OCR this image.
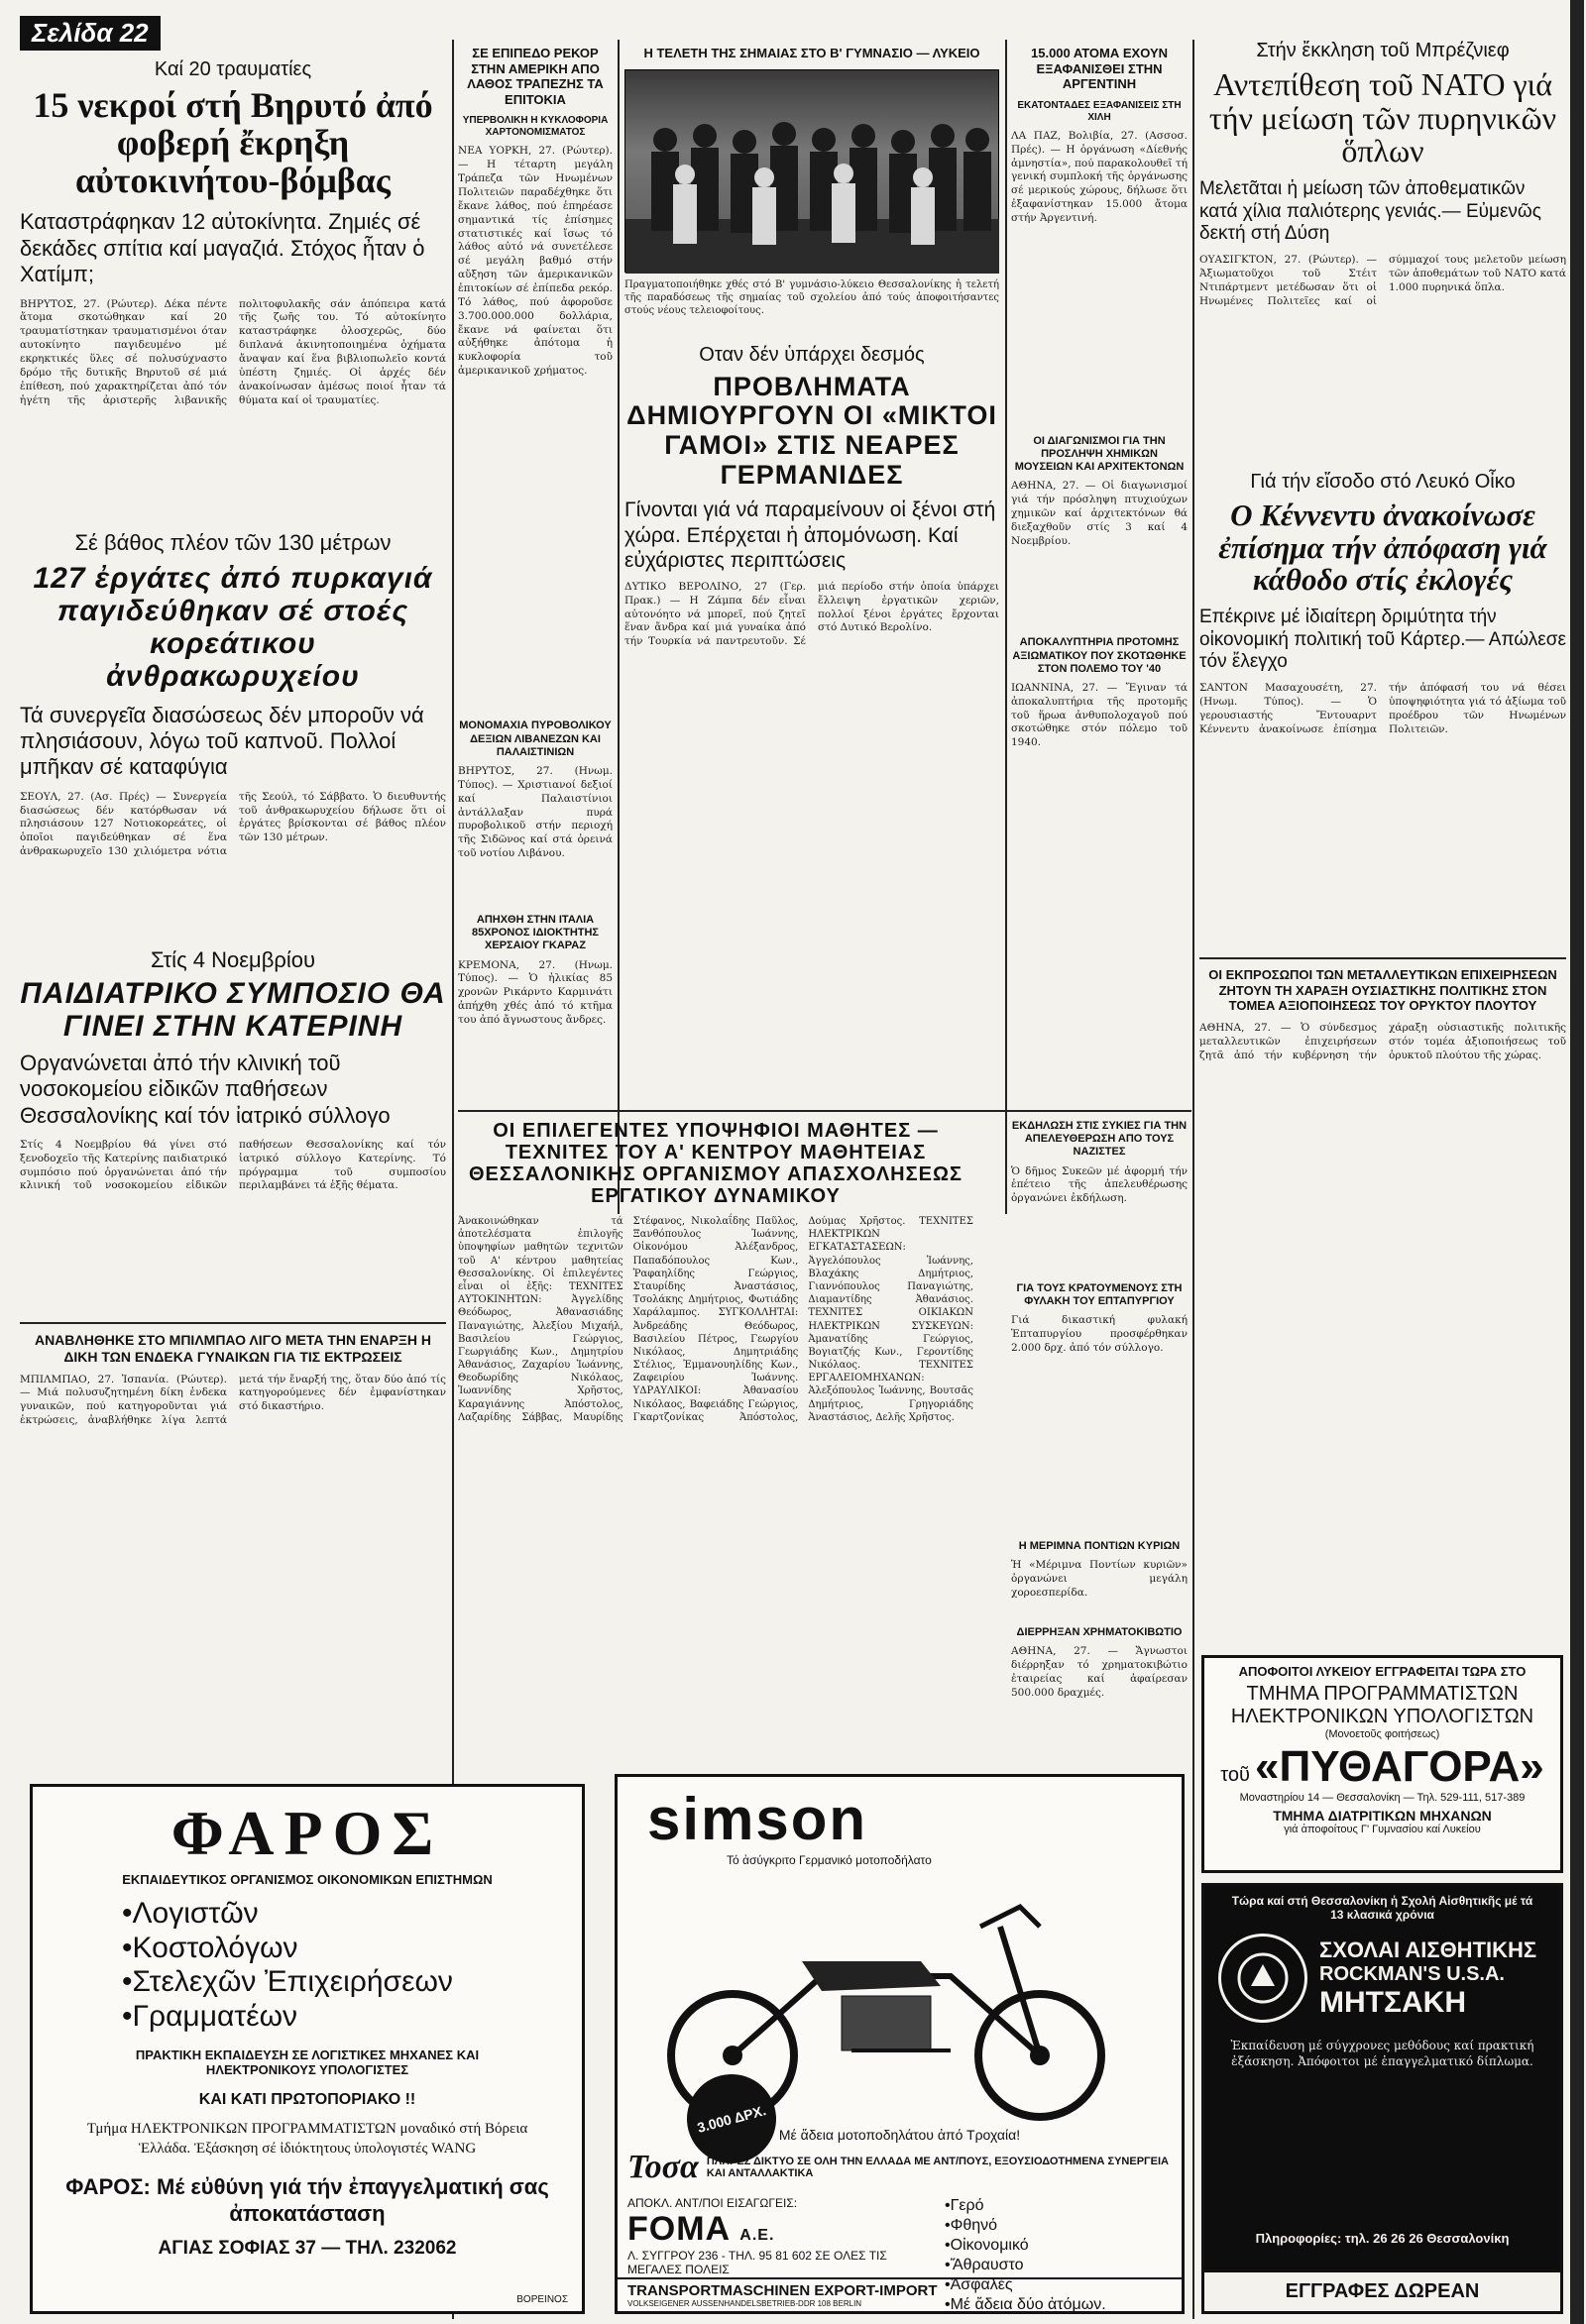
Σελίδα 22
Καί 20 τραυματίες
15 νεκροί στή Βηρυτό ἀπό φοβερή ἔκρηξη αὐτοκινήτου-βόμβας
Καταστράφηκαν 12 αὐτοκίνητα. Ζημιές σέ δεκάδες σπίτια καί μαγαζιά. Στόχος ἦταν ὁ Χατίμπ;
ΒΗΡΥΤΟΣ, 27. (Ρώυτερ). Δέκα πέντε ἄτομα σκοτώθηκαν καί 20 τραυματίστηκαν τραυματισμένοι όταν αυτοκίνητο παγιδευμένο μέ εκρηκτικές ὕλες σέ πολυσύχναστο δρόμο τῆς δυτικῆς Βηρυτοῦ σέ μιά ἐπίθεση, πού χαρακτηρίζεται ἀπό τόν ἡγέτη τῆς ἀριστερῆς λιβανικῆς πολιτοφυλακῆς σάν ἀπόπειρα κατά τῆς ζωῆς του. Τό αὐτοκίνητο καταστράφηκε ὁλοσχερῶς, δύο διπλανά ἀκινητοποιημένα ὀχήματα ἄναψαν καί ἕνα βιβλιοπωλεῖο κοντά ὑπέστη ζημιές. Οἱ ἀρχές δέν ἀνακοίνωσαν ἀμέσως ποιοί ἦταν τά θύματα καί οἱ τραυματίες.
Σέ βάθος πλέον τῶν 130 μέτρων
127 ἐργάτες ἀπό πυρκαγιά παγιδεύθηκαν σέ στοές κορεάτικου ἀνθρακωρυχείου
Τά συνεργεῖα διασώσεως δέν μποροῦν νά πλησιάσουν, λόγω τοῦ καπνοῦ. Πολλοί μπῆκαν σέ καταφύγια
ΣΕΟΥΛ, 27. (Ασ. Πρές) — Συνεργεία διασώσεως δέν κατόρθωσαν νά πλησιάσουν 127 Νοτιοκορεάτες, οἱ ὁποῖοι παγιδεύθηκαν σέ ἕνα ἀνθρακωρυχεῖο 130 χιλιόμετρα νότια τῆς Σεούλ, τό Σάββατο. Ὁ διευθυντής τοῦ ἀνθρακωρυχείου δήλωσε ὅτι οἱ ἐργάτες βρίσκονται σέ βάθος πλέον τῶν 130 μέτρων.
Στίς 4 Νοεμβρίου
ΠΑΙΔΙΑΤΡΙΚΟ ΣΥΜΠΟΣΙΟ ΘΑ ΓΙΝΕΙ ΣΤΗΝ ΚΑΤΕΡΙΝΗ
Οργανώνεται ἀπό τήν κλινική τοῦ νοσοκομείου εἰδικῶν παθήσεων Θεσσαλονίκης καί τόν ἰατρικό σύλλογο
Στίς 4 Νοεμβρίου θά γίνει στό ξενοδοχεῖο τῆς Κατερίνης παιδιατρικό συμπόσιο πού ὀργανώνεται ἀπό τήν κλινική τοῦ νοσοκομείου εἰδικῶν παθήσεων Θεσσαλονίκης καί τόν ἰατρικό σύλλογο Κατερίνης. Τό πρόγραμμα τοῦ συμποσίου περιλαμβάνει τά ἑξῆς θέματα.
ΑΝΑΒΛΗΘΗΚΕ ΣΤΟ ΜΠΙΛΜΠΑΟ ΛΙΓΟ ΜΕΤΑ ΤΗΝ ΕΝΑΡΞΗ Η ΔΙΚΗ ΤΩΝ ΕΝΔΕΚΑ ΓΥΝΑΙΚΩΝ ΓΙΑ ΤΙΣ ΕΚΤΡΩΣΕΙΣ
ΜΠΙΛΜΠΑΟ, 27. Ἰσπανία. (Ρώυτερ). — Μιά πολυσυζητημένη δίκη ἐνδεκα γυναικῶν, πού κατηγοροῦνται γιά ἐκτρώσεις, ἀναβλήθηκε λίγα λεπτά μετά τήν ἔναρξή της, ὅταν δύο ἀπό τίς κατηγορούμενες δέν ἐμφανίστηκαν στό δικαστήριο.
ΦΑΡΟΣ
ΕΚΠΑΙΔΕΥΤΙΚΟΣ ΟΡΓΑΝΙΣΜΟΣ ΟΙΚΟΝΟΜΙΚΩΝ ΕΠΙΣΤΗΜΩΝ
•Λογιστῶν
•Κοστολόγων
•Στελεχῶν Ἐπιχειρήσεων
•Γραμματέων
ΠΡΑΚΤΙΚΗ ΕΚΠΑΙΔΕΥΣΗ ΣΕ ΛΟΓΙΣΤΙΚΕΣ ΜΗΧΑΝΕΣ ΚΑΙ ΗΛΕΚΤΡΟΝΙΚΟΥΣ ΥΠΟΛΟΓΙΣΤΕΣ
ΚΑΙ ΚΑΤΙ ΠΡΩΤΟΠΟΡΙΑΚΟ !!
Τμήμα ΗΛΕΚΤΡΟΝΙΚΩΝ ΠΡΟΓΡΑΜΜΑΤΙΣΤΩΝ μοναδικό στή Βόρεια Ἑλλάδα. Ἐξάσκηση σέ ἰδιόκτητους ὑπολογιστές WANG
ΦΑΡΟΣ: Μέ εὐθύνη γιά τήν ἐπαγγελματική σας ἀποκατάσταση
ΑΓΙΑΣ ΣΟΦΙΑΣ 37 — ΤΗΛ. 232062
ΒΟΡΕΙΝΟΣ
ΣΕ ΕΠΙΠΕΔΟ ΡΕΚΟΡ ΣΤΗΝ ΑΜΕΡΙΚΗ ΑΠΟ ΛΑΘΟΣ ΤΡΑΠΕΖΗΣ ΤΑ ΕΠΙΤΟΚΙΑ
ΥΠΕΡΒΟΛΙΚΗ Η ΚΥΚΛΟΦΟΡΙΑ ΧΑΡΤΟΝΟΜΙΣΜΑΤΟΣ
ΝΕΑ ΥΟΡΚΗ, 27. (Ρώυτερ). — Η τέταρτη μεγάλη Τράπεζα τῶν Ηνωμένων Πολιτειῶν παραδέχθηκε ὅτι ἔκανε λάθος, πού ἐπηρέασε σημαντικά τίς ἐπίσημες στατιστικές καί ἴσως τό λάθος αὐτό νά συνετέλεσε σέ μεγάλη βαθμό στήν αὔξηση τῶν ἀμερικανικῶν ἐπιτοκίων σέ ἐπίπεδα ρεκόρ. Τό λάθος, πού ἀφοροῦσε 3.700.000.000 δολλάρια, ἔκανε νά φαίνεται ὅτι αὐξήθηκε ἀπότομα ἡ κυκλοφορία τοῦ ἀμερικανικοῦ χρήματος.
ΜΟΝΟΜΑΧΙΑ ΠΥΡΟΒΟΛΙΚΟΥ ΔΕΞΙΩΝ ΛΙΒΑΝΕΖΩΝ ΚΑΙ ΠΑΛΑΙΣΤΙΝΙΩΝ
ΒΗΡΥΤΟΣ, 27. (Ηνωμ. Τύπος). — Χριστιανοί δεξιοί καί Παλαιστίνιοι ἀντάλλαξαν πυρά πυροβολικοῦ στήν περιοχή τῆς Σιδῶνος καί στά ὀρεινά τοῦ νοτίου Λιβάνου.
ΑΠΗΧΘΗ ΣΤΗΝ ΙΤΑΛΙΑ 85ΧΡΟΝΟΣ ΙΔΙΟΚΤΗΤΗΣ ΧΕΡΣΑΙΟΥ ΓΚΑΡΑΖ
ΚΡΕΜΟΝΑ, 27. (Ηνωμ. Τύπος). — Ὁ ἠλικίας 85 χρονῶν Ρικάρντο Καρμινάτι ἀπήχθη χθές ἀπό τό κτῆμα του ἀπό ἄγνωστους ἄνδρες.
Η ΤΕΛΕΤΗ ΤΗΣ ΣΗΜΑΙΑΣ ΣΤΟ Β' ΓΥΜΝΑΣΙΟ — ΛΥΚΕΙΟ
Πραγματοποιήθηκε χθές στό Β' γυμνάσιο-λύκειο Θεσσαλονίκης ἡ τελετή τῆς παραδόσεως τῆς σημαίας τοῦ σχολείου ἀπό τούς ἀποφοιτήσαντες στούς νέους τελειοφοίτους.
Οταν δέν ὑπάρχει δεσμός
ΠΡΟΒΛΗΜΑΤΑ ΔΗΜΙΟΥΡΓΟΥΝ ΟΙ «ΜΙΚΤΟΙ ΓΑΜΟΙ» ΣΤΙΣ ΝΕΑΡΕΣ ΓΕΡΜΑΝΙΔΕΣ
Γίνονται γιά νά παραμείνουν οἱ ξένοι στή χώρα. Επέρχεται ἡ ἀπομόνωση. Καί εὐχάριστες περιπτώσεις
ΔΥΤΙΚΟ ΒΕΡΟΛΙΝΟ, 27 (Γερ. Πρακ.) — Η Ζάμπα δέν εἶναι αὐτονόητο νά μπορεῖ, πού ζητεῖ ἕναν ἄνδρα καί μιά γυναίκα ἀπό τήν Τουρκία νά παντρευτοῦν. Σέ μιά περίοδο στήν ὁποία ὑπάρχει ἔλλειψη ἐργατικῶν χεριῶν, πολλοί ξένοι ἐργάτες ἔρχονται στό Δυτικό Βερολίνο.
15.000 ΑΤΟΜΑ ΕΧΟΥΝ ΕΞΑΦΑΝΙΣΘΕΙ ΣΤΗΝ ΑΡΓΕΝΤΙΝΗ
ΕΚΑΤΟΝΤΑΔΕΣ ΕΞΑΦΑΝΙΣΕΙΣ ΣΤΗ ΧΙΛΗ
ΛΑ ΠΑΖ, Βολιβία, 27. (Ασσοσ. Πρές). — Η ὀργάνωση «Δίεθνής ἀμνηστία», πού παρακολουθεῖ τή γενική συμπλοκή τῆς ὀργάνωσης σέ μερικούς χώρους, δήλωσε ὅτι ἐξαφανίστηκαν 15.000 ἄτομα στήν Ἀργεντινή.
ΟΙ ΔΙΑΓΩΝΙΣΜΟΙ ΓΙΑ ΤΗΝ ΠΡΟΣΛΗΨΗ ΧΗΜΙΚΩΝ ΜΟΥΣΕΙΩΝ ΚΑΙ ΑΡΧΙΤΕΚΤΟΝΩΝ
ΑΘΗΝΑ, 27. — Οἱ διαγωνισμοί γιά τήν πρόσληψη πτυχιούχων χημικῶν καί ἀρχιτεκτόνων θά διεξαχθοῦν στίς 3 καί 4 Νοεμβρίου.
ΑΠΟΚΑΛΥΠΤΗΡΙΑ ΠΡΟΤΟΜΗΣ ΑΞΙΩΜΑΤΙΚΟΥ ΠΟΥ ΣΚΟΤΩΘΗΚΕ ΣΤΟΝ ΠΟΛΕΜΟ ΤΟΥ '40
ΙΩΑΝΝΙΝΑ, 27. — Ἔγιναν τά ἀποκαλυπτήρια τῆς προτομῆς τοῦ ἥρωα ἀνθυπολοχαγοῦ πού σκοτώθηκε στόν πόλεμο τοῦ 1940.
ΟΙ ΕΠΙΛΕΓΕΝΤΕΣ ΥΠΟΨΗΦΙΟΙ ΜΑΘΗΤΕΣ — ΤΕΧΝΙΤΕΣ ΤΟΥ Α' ΚΕΝΤΡΟΥ ΜΑΘΗΤΕΙΑΣ ΘΕΣΣΑΛΟΝΙΚΗΣ ΟΡΓΑΝΙΣΜΟΥ ΑΠΑΣΧΟΛΗΣΕΩΣ ΕΡΓΑΤΙΚΟΥ ΔΥΝΑΜΙΚΟΥ
Ἀνακοινώθηκαν τά ἀποτελέσματα ἐπιλογῆς ὑποψηφίων μαθητῶν τεχνιτῶν τοῦ Α' κέντρου μαθητείας Θεσσαλονίκης. Οἱ ἐπιλεγέντες εἶναι οἱ ἑξῆς: ΤΕΧΝΙΤΕΣ ΑΥΤΟΚΙΝΗΤΩΝ: Ἀγγελίδης Θεόδωρος, Ἀθανασιάδης Παναγιώτης, Ἀλεξίου Μιχαήλ, Βασιλείου Γεώργιος, Γεωργιάδης Κων., Δημητρίου Ἀθανάσιος, Ζαχαρίου Ἰωάννης, Θεοδωρίδης Νικόλαος, Ἰωαννίδης Χρῆστος, Καραγιάννης Ἀπόστολος, Λαζαρίδης Σάββας, Μαυρίδης Στέφανος, Νικολαΐδης Παῦλος, Ξανθόπουλος Ἰωάννης, Οἰκονόμου Ἀλέξανδρος, Παπαδόπουλος Κων., Ῥαφαηλίδης Γεώργιος, Σταυρίδης Ἀναστάσιος, Τσολάκης Δημήτριος, Φωτιάδης Χαράλαμπος. ΣΥΓΚΟΛΛΗΤΑΙ: Ἀνδρεάδης Θεόδωρος, Βασιλείου Πέτρος, Γεωργίου Νικόλαος, Δημητριάδης Στέλιος, Ἐμμανουηλίδης Κων., Ζαφειρίου Ἰωάννης. ΥΔΡΑΥΛΙΚΟΙ: Ἀθανασίου Νικόλαος, Βαφειάδης Γεώργιος, Γκαρτζονίκας Ἀπόστολος, Δούμας Χρῆστος. ΤΕΧΝΙΤΕΣ ΗΛΕΚΤΡΙΚΩΝ ΕΓΚΑΤΑΣΤΑΣΕΩΝ: Ἀγγελόπουλος Ἰωάννης, Βλαχάκης Δημήτριος, Γιαννόπουλος Παναγιώτης, Διαμαντίδης Ἀθανάσιος. ΤΕΧΝΙΤΕΣ ΟΙΚΙΑΚΩΝ ΗΛΕΚΤΡΙΚΩΝ ΣΥΣΚΕΥΩΝ: Ἀμανατίδης Γεώργιος, Βογιατζής Κων., Γεροντίδης Νικόλαος. ΤΕΧΝΙΤΕΣ ΕΡΓΑΛΕΙΟΜΗΧΑΝΩΝ: Ἀλεξόπουλος Ἰωάννης, Βουτσᾶς Δημήτριος, Γρηγοριάδης Ἀναστάσιος, Δελῆς Χρῆστος.
ΕΚΔΗΛΩΣΗ ΣΤΙΣ ΣΥΚΙΕΣ ΓΙΑ ΤΗΝ ΑΠΕΛΕΥΘΕΡΩΣΗ ΑΠΟ ΤΟΥΣ ΝΑΖΙΣΤΕΣ
Ὁ δῆμος Συκεῶν μέ ἀφορμή τήν ἐπέτειο τῆς ἀπελευθέρωσης ὀργανώνει ἐκδήλωση.
ΓΙΑ ΤΟΥΣ ΚΡΑΤΟΥΜΕΝΟΥΣ ΣΤΗ ΦΥΛΑΚΗ ΤΟΥ ΕΠΤΑΠΥΡΓΙΟΥ
Γιά δικαστική φυλακή Ἑπταπυργίου προσφέρθηκαν 2.000 δρχ. ἀπό τόν σύλλογο.
Η ΜΕΡΙΜΝΑ ΠΟΝΤΙΩΝ ΚΥΡΙΩΝ
Ἡ «Μέριμνα Ποντίων κυριῶν» ὀργανώνει μεγάλη χοροεσπερίδα.
ΔΙΕΡΡΗΞΑΝ ΧΡΗΜΑΤΟΚΙΒΩΤΙΟ
ΑΘΗΝΑ, 27. — Ἄγνωστοι διέρρηξαν τό χρηματοκιβώτιο ἐταιρείας καί ἀφαίρεσαν 500.000 δραχμές.
simson
Τό ἀσύγκριτο Γερμανικό μοτοποδήλατο
3.000 ΔΡΧ. Μέ ἄδεια μοτοποδηλάτου ἀπό Τροχαία!
Τοσα ΠΛΗΡΕΣ ΔΙΚΤΥΟ ΣΕ ΟΛΗ ΤΗΝ ΕΛΛΑΔΑ ΜΕ ΑΝΤ/ΠΟΥΣ, ΕΞΟΥΣΙΟΔΟΤΗΜΕΝΑ ΣΥΝΕΡΓΕΙΑ ΚΑΙ ΑΝΤΑΛΛΑΚΤΙΚΑ
ΑΠΟΚΛ. ΑΝΤ/ΠΟΙ ΕΙΣΑΓΩΓΕΙΣ:
FOMA Α.Ε.
Λ. ΣΥΓΓΡΟΥ 236 - ΤΗΛ. 95 81 602 ΣΕ ΟΛΕΣ ΤΙΣ ΜΕΓΑΛΕΣ ΠΟΛΕΙΣ
•Γερό
•Φθηνό
•Οἰκονομικό
•Ἄθραυστο
•Ἀσφαλές
•Μέ ἄδεια δύο ἀτόμων.
TRANSPORTMASCHINEN EXPORT-IMPORT
VOLKSEIGENER AUSSENHANDELSBETRIEB-DDR 108 BERLIN
Στήν ἔκκληση τοῦ Μπρέζνιεφ
Αντεπίθεση τοῦ ΝΑΤΟ γιά τήν μείωση τῶν πυρηνικῶν ὅπλων
Μελετᾶται ἡ μείωση τῶν ἀποθεματικῶν κατά χίλια παλιότερης γενιάς.— Εὐμενῶς δεκτή στή Δύση
ΟΥΑΣΙΓΚΤΟΝ, 27. (Ρώυτερ). — Ἀξιωματοῦχοι τοῦ Στέιτ Ντιπάρτμεντ μετέδωσαν ὅτι οἱ Ηνωμένες Πολιτεῖες καί οἱ σύμμαχοί τους μελετοῦν μείωση τῶν ἀποθεμάτων τοῦ ΝΑΤΟ κατά 1.000 πυρηνικά ὅπλα.
Γιά τήν εἴσοδο στό Λευκό Οἶκο
Ο Κέννεντυ ἀνακοίνωσε ἐπίσημα τήν ἀπόφαση γιά κάθοδο στίς ἐκλογές
Επέκρινε μέ ἰδιαίτερη δριμύτητα τήν οἰκονομική πολιτική τοῦ Κάρτερ.— Απώλεσε τόν ἔλεγχο
ΣΑΝΤΟΝ Μασαχουσέτη, 27. (Ηνωμ. Τύπος). — Ὁ γερουσιαστής Ἔντουαρντ Κέννεντυ ἀνακοίνωσε ἐπίσημα τήν ἀπόφασή του νά θέσει ὑποψηφιότητα γιά τό ἀξίωμα τοῦ προέδρου τῶν Ηνωμένων Πολιτειῶν.
ΟΙ ΕΚΠΡΟΣΩΠΟΙ ΤΩΝ ΜΕΤΑΛΛΕΥΤΙΚΩΝ ΕΠΙΧΕΙΡΗΣΕΩΝ ΖΗΤΟΥΝ ΤΗ ΧΑΡΑΞΗ ΟΥΣΙΑΣΤΙΚΗΣ ΠΟΛΙΤΙΚΗΣ ΣΤΟΝ ΤΟΜΕΑ ΑΞΙΟΠΟΙΗΣΕΩΣ ΤΟΥ ΟΡΥΚΤΟΥ ΠΛΟΥΤΟΥ
ΑΘΗΝΑ, 27. — Ὁ σύνδεσμος μεταλλευτικῶν ἐπιχειρήσεων ζητᾶ ἀπό τήν κυβέρνηση τήν χάραξη οὐσιαστικῆς πολιτικῆς στόν τομέα ἀξιοποιήσεως τοῦ ὀρυκτοῦ πλούτου τῆς χώρας.
ΑΠΟΦΟΙΤΟΙ ΛΥΚΕΙΟΥ ΕΓΓΡΑΦΕΙΤΑΙ ΤΩΡΑ ΣΤΟ
ΤΜΗΜΑ ΠΡΟΓΡΑΜΜΑΤΙΣΤΩΝ ΗΛΕΚΤΡΟΝΙΚΩΝ ΥΠΟΛΟΓΙΣΤΩΝ
(Μονοετοῦς φοιτήσεως)
τοῦ «ΠΥΘΑΓΟΡΑ»
Μοναστηρίου 14 — Θεσσαλονίκη — Τηλ. 529-111, 517-389
ΤΜΗΜΑ ΔΙΑΤΡΙΤΙΚΩΝ ΜΗΧΑΝΩΝ
γιά ἀποφοίτους Γ' Γυμνασίου καί Λυκείου
Τώρα καί στή Θεσσαλονίκη ἡ Σχολή Αἰσθητικῆς μέ τά 13 κλασικά χρόνια
ΣΧΟΛΑΙ ΑΙΣΘΗΤΙΚΗΣ
ROCKMAN'S U.S.A.
ΜΗΤΣΑΚΗ
Ἐκπαίδευση μέ σύγχρονες μεθόδους καί πρακτική ἐξάσκηση. Ἀπόφοιτοι μέ ἐπαγγελματικό δίπλωμα.
Πληροφορίες: τηλ. 26 26 26 Θεσσαλονίκη
ΕΓΓΡΑΦΕΣ ΔΩΡΕΑΝ
